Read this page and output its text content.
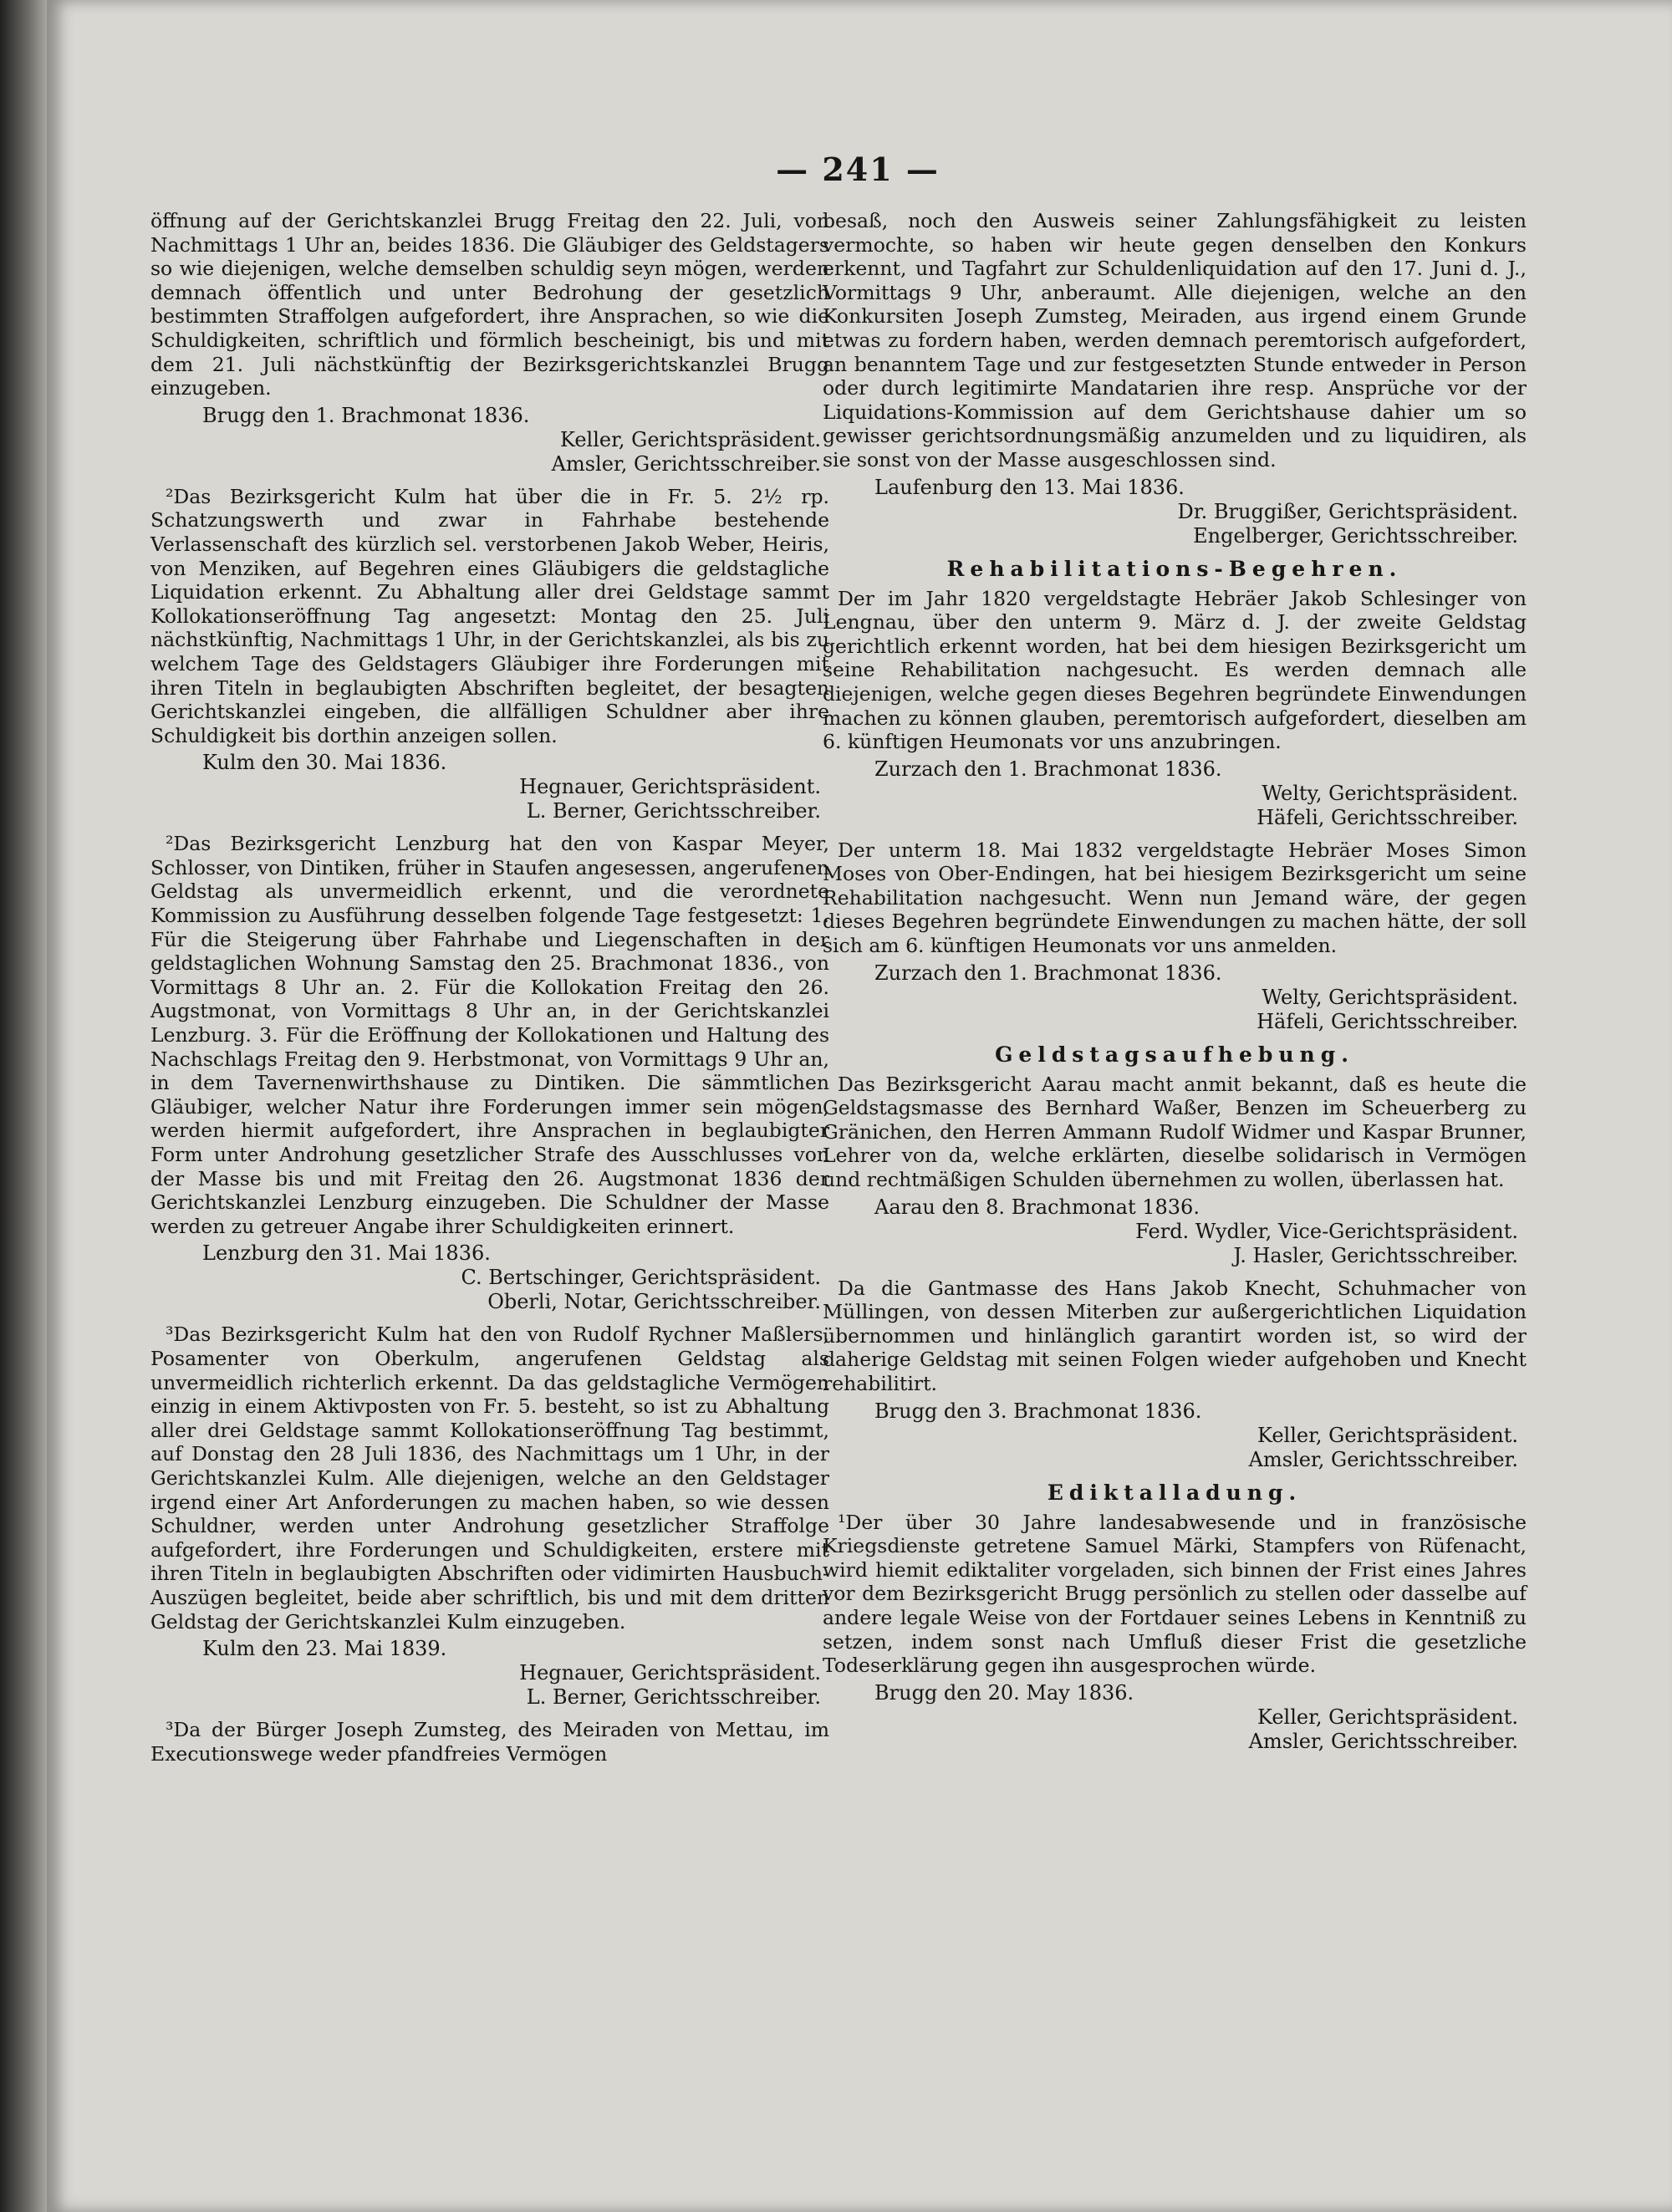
— 241 —

öffnung auf der Gerichtskanzlei Brugg Freitag den 22. Juli, von Nachmittags 1 Uhr an, beides 1836. Die Gläubiger des Geldstagers so wie diejenigen, welche demselben schuldig seyn mögen, werden demnach öffentlich und unter Bedrohung der gesetzlich bestimmten Straffolgen aufgefordert, ihre Ansprachen, so wie die Schuldigkeiten, schriftlich und förmlich bescheinigt, bis und mit dem 21. Juli nächstkünftig der Bezirksgerichtskanzlei Brugg einzugeben.

Brugg den 1. Brachmonat 1836.

Keller, Gerichtspräsident.

Amsler, Gerichtsschreiber.

²Das Bezirksgericht Kulm hat über die in Fr. 5. 2½ rp. Schatzungswerth und zwar in Fahrhabe bestehende Verlassenschaft des kürzlich sel. verstorbenen Jakob Weber, Heiris, von Menziken, auf Begehren eines Gläubigers die geldstagliche Liquidation erkennt. Zu Abhaltung aller drei Geldstage sammt Kollokationseröffnung Tag angesetzt: Montag den 25. Juli nächstkünftig, Nachmittags 1 Uhr, in der Gerichtskanzlei, als bis zu welchem Tage des Geldstagers Gläubiger ihre Forderungen mit ihren Titeln in beglaubigten Abschriften begleitet, der besagten Gerichtskanzlei eingeben, die allfälligen Schuldner aber ihre Schuldigkeit bis dorthin anzeigen sollen.

Kulm den 30. Mai 1836.

Hegnauer, Gerichtspräsident.

L. Berner, Gerichtsschreiber.

²Das Bezirksgericht Lenzburg hat den von Kaspar Meyer, Schlosser, von Dintiken, früher in Staufen angesessen, angerufenen Geldstag als unvermeidlich erkennt, und die verordnete Kommission zu Ausführung desselben folgende Tage festgesetzt: 1. Für die Steigerung über Fahrhabe und Liegenschaften in der geldstaglichen Wohnung Samstag den 25. Brachmonat 1836., von Vormittags 8 Uhr an. 2. Für die Kollokation Freitag den 26. Augstmonat, von Vormittags 8 Uhr an, in der Gerichtskanzlei Lenzburg. 3. Für die Eröffnung der Kollokationen und Haltung des Nachschlags Freitag den 9. Herbstmonat, von Vormittags 9 Uhr an, in dem Tavernenwirthshause zu Dintiken. Die sämmtlichen Gläubiger, welcher Natur ihre Forderungen immer sein mögen, werden hiermit aufgefordert, ihre Ansprachen in beglaubigter Form unter Androhung gesetzlicher Strafe des Ausschlusses von der Masse bis und mit Freitag den 26. Augstmonat 1836 der Gerichtskanzlei Lenzburg einzugeben. Die Schuldner der Masse werden zu getreuer Angabe ihrer Schuldigkeiten erinnert.

Lenzburg den 31. Mai 1836.

C. Bertschinger, Gerichtspräsident.

Oberli, Notar, Gerichtsschreiber.

³Das Bezirksgericht Kulm hat den von Rudolf Rychner Maßlers, Posamenter von Oberkulm, angerufenen Geldstag als unvermeidlich richterlich erkennt. Da das geldstagliche Vermögen einzig in einem Aktivposten von Fr. 5. besteht, so ist zu Abhaltung aller drei Geldstage sammt Kollokationseröffnung Tag bestimmt, auf Donstag den 28 Juli 1836, des Nachmittags um 1 Uhr, in der Gerichtskanzlei Kulm. Alle diejenigen, welche an den Geldstager irgend einer Art Anforderungen zu machen haben, so wie dessen Schuldner, werden unter Androhung gesetzlicher Straffolge aufgefordert, ihre Forderungen und Schuldigkeiten, erstere mit ihren Titeln in beglaubigten Abschriften oder vidimirten Hausbuch-Auszügen begleitet, beide aber schriftlich, bis und mit dem dritten Geldstag der Gerichtskanzlei Kulm einzugeben.

Kulm den 23. Mai 1839.

Hegnauer, Gerichtspräsident.

L. Berner, Gerichtsschreiber.

³Da der Bürger Joseph Zumsteg, des Meiraden von Mettau, im Executionswege weder pfandfreies Vermögen

besaß, noch den Ausweis seiner Zahlungsfähigkeit zu leisten vermochte, so haben wir heute gegen denselben den Konkurs erkennt, und Tagfahrt zur Schuldenliquidation auf den 17. Juni d. J., Vormittags 9 Uhr, anberaumt. Alle diejenigen, welche an den Konkursiten Joseph Zumsteg, Meiraden, aus irgend einem Grunde etwas zu fordern haben, werden demnach peremtorisch aufgefordert, an benanntem Tage und zur festgesetzten Stunde entweder in Person oder durch legitimirte Mandatarien ihre resp. Ansprüche vor der Liquidations-Kommission auf dem Gerichtshause dahier um so gewisser gerichtsordnungsmäßig anzumelden und zu liquidiren, als sie sonst von der Masse ausgeschlossen sind.

Laufenburg den 13. Mai 1836.

Dr. Bruggißer, Gerichtspräsident.

Engelberger, Gerichtsschreiber.

Rehabilitations-Begehren.

Der im Jahr 1820 vergeldstagte Hebräer Jakob Schlesinger von Lengnau, über den unterm 9. März d. J. der zweite Geldstag gerichtlich erkennt worden, hat bei dem hiesigen Bezirksgericht um seine Rehabilitation nachgesucht. Es werden demnach alle diejenigen, welche gegen dieses Begehren begründete Einwendungen machen zu können glauben, peremtorisch aufgefordert, dieselben am 6. künftigen Heumonats vor uns anzubringen.

Zurzach den 1. Brachmonat 1836.

Welty, Gerichtspräsident.

Häfeli, Gerichtsschreiber.

Der unterm 18. Mai 1832 vergeldstagte Hebräer Moses Simon Moses von Ober-Endingen, hat bei hiesigem Bezirksgericht um seine Rehabilitation nachgesucht. Wenn nun Jemand wäre, der gegen dieses Begehren begründete Einwendungen zu machen hätte, der soll sich am 6. künftigen Heumonats vor uns anmelden.

Zurzach den 1. Brachmonat 1836.

Welty, Gerichtspräsident.

Häfeli, Gerichtsschreiber.

Geldstagsaufhebung.

Das Bezirksgericht Aarau macht anmit bekannt, daß es heute die Geldstagsmasse des Bernhard Waßer, Benzen im Scheuerberg zu Gränichen, den Herren Ammann Rudolf Widmer und Kaspar Brunner, Lehrer von da, welche erklärten, dieselbe solidarisch in Vermögen und rechtmäßigen Schulden übernehmen zu wollen, überlassen hat.

Aarau den 8. Brachmonat 1836.

Ferd. Wydler, Vice-Gerichtspräsident.

J. Hasler, Gerichtsschreiber.

Da die Gantmasse des Hans Jakob Knecht, Schuhmacher von Müllingen, von dessen Miterben zur außergerichtlichen Liquidation übernommen und hinlänglich garantirt worden ist, so wird der daherige Geldstag mit seinen Folgen wieder aufgehoben und Knecht rehabilitirt.

Brugg den 3. Brachmonat 1836.

Keller, Gerichtspräsident.

Amsler, Gerichtsschreiber.

Ediktalladung.

¹Der über 30 Jahre landesabwesende und in französische Kriegsdienste getretene Samuel Märki, Stampfers von Rüfenacht, wird hiemit ediktaliter vorgeladen, sich binnen der Frist eines Jahres vor dem Bezirksgericht Brugg persönlich zu stellen oder dasselbe auf andere legale Weise von der Fortdauer seines Lebens in Kenntniß zu setzen, indem sonst nach Umfluß dieser Frist die gesetzliche Todeserklärung gegen ihn ausgesprochen würde.

Brugg den 20. May 1836.

Keller, Gerichtspräsident.

Amsler, Gerichtsschreiber.
